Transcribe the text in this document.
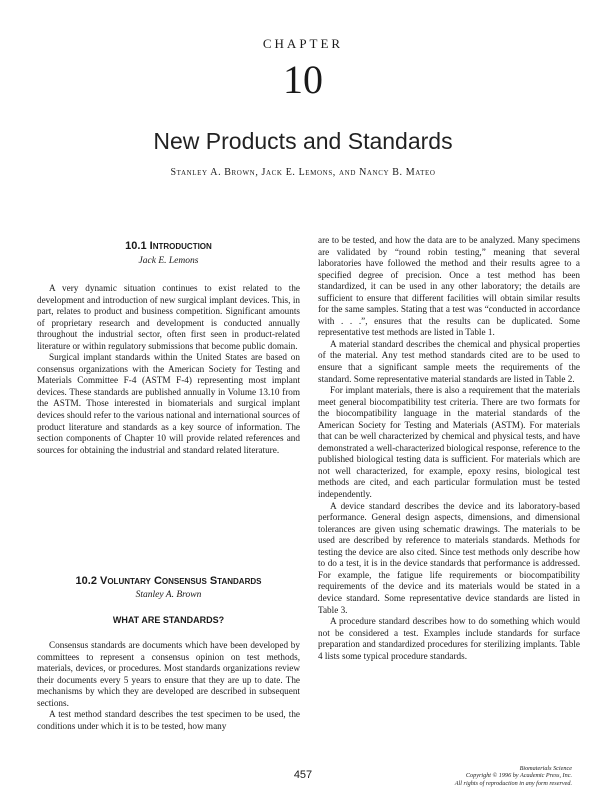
CHAPTER
10
New Products and Standards
Stanley A. Brown, Jack E. Lemons, and Nancy B. Mateo
10.1 Introduction
Jack E. Lemons

A very dynamic situation continues to exist related to the development and introduction of new surgical implant devices. This, in part, relates to product and business competition. Significant amounts of proprietary research and development is conducted annually throughout the industrial sector, often first seen in product-related literature or within regulatory submissions that become public domain.

Surgical implant standards within the United States are based on consensus organizations with the American Society for Testing and Materials Committee F-4 (ASTM F-4) representing most implant devices. These standards are published annually in Volume 13.10 from the ASTM. Those interested in biomaterials and surgical implant devices should refer to the various national and international sources of product literature and standards as a key source of information. The section components of Chapter 10 will provide related references and sources for obtaining the industrial and standard related literature.

10.2 Voluntary Consensus Standards
Stanley A. Brown
WHAT ARE STANDARDS?

Consensus standards are documents which have been developed by committees to represent a consensus opinion on test methods, materials, devices, or procedures. Most standards organizations review their documents every 5 years to ensure that they are up to date. The mechanisms by which they are developed are described in subsequent sections.

A test method standard describes the test specimen to be used, the conditions under which it is to be tested, how many

are to be tested, and how the data are to be analyzed. Many specimens are validated by “round robin testing,” meaning that several laboratories have followed the method and their results agree to a specified degree of precision. Once a test method has been standardized, it can be used in any other laboratory; the details are sufficient to ensure that different facilities will obtain similar results for the same samples. Stating that a test was “conducted in accordance with . . .”, ensures that the results can be duplicated. Some representative test methods are listed in Table 1.

A material standard describes the chemical and physical properties of the material. Any test method standards cited are to be used to ensure that a significant sample meets the requirements of the standard. Some representative material standards are listed in Table 2.

For implant materials, there is also a requirement that the materials meet general biocompatibility test criteria. There are two formats for the biocompatibility language in the material standards of the American Society for Testing and Materials (ASTM). For materials that can be well characterized by chemical and physical tests, and have demonstrated a well-characterized biological response, reference to the published biological testing data is sufficient. For materials which are not well characterized, for example, epoxy resins, biological test methods are cited, and each particular formulation must be tested independently.

A device standard describes the device and its laboratory-based performance. General design aspects, dimensions, and dimensional tolerances are given using schematic drawings. The materials to be used are described by reference to materials standards. Methods for testing the device are also cited. Since test methods only describe how to do a test, it is in the device standards that performance is addressed. For example, the fatigue life requirements or biocompatibility requirements of the device and its materials would be stated in a device standard. Some representative device standards are listed in Table 3.

A procedure standard describes how to do something which would not be considered a test. Examples include standards for surface preparation and standardized procedures for sterilizing implants. Table 4 lists some typical procedure standards.

457
Biomaterials Science
Copyright © 1996 by Academic Press, Inc.
All rights of reproduction in any form reserved.
